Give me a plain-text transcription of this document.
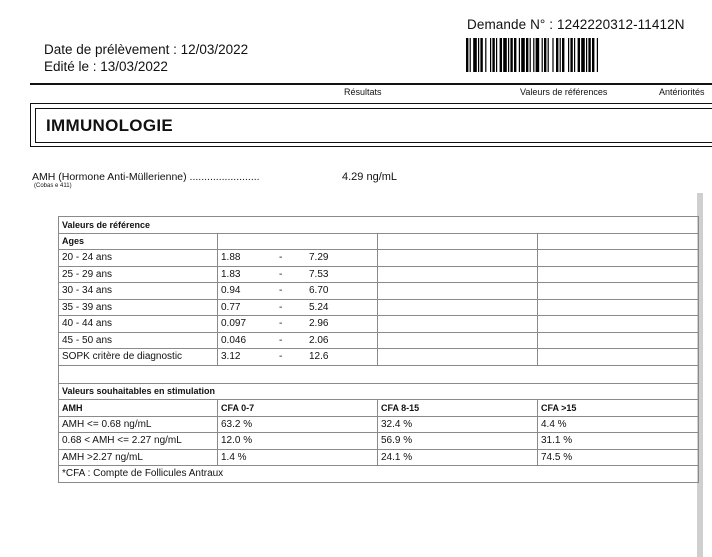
Date de prélèvement : 12/03/2022
Edité le : 13/03/2022
Demande N° : 1242220312-11412N
Résultats	Valeurs de références	Antériorités
IMMUNOLOGIE
AMH (Hormone Anti-Müllerienne) ........................
(Cobas e 411)
4.29 ng/mL
Valeurs de référence			
Ages			
20 - 24 ans	1.88 - 7.29		

25 - 29 ans	1.83 - 7.53		

30 - 34 ans	0.94 - 6.70		

35 - 39 ans	0.77 - 5.24		

40 - 44 ans	0.097 - 2.96		

45 - 50 ans	0.046 - 2.06		

SOPK critère de diagnostic	3.12 - 12.6		

Valeurs souhaitables en stimulation			
AMH	CFA 0-7	CFA 8-15	CFA >15
AMH <= 0.68 ng/mL	63.2 %	32.4 %	4.4 %
0.68 < AMH <= 2.27 ng/mL	12.0 %	56.9 %	31.1 %
AMH >2.27 ng/mL	1.4 %	24.1 %	74.5 %
*CFA : Compte de Follicules Antraux			
